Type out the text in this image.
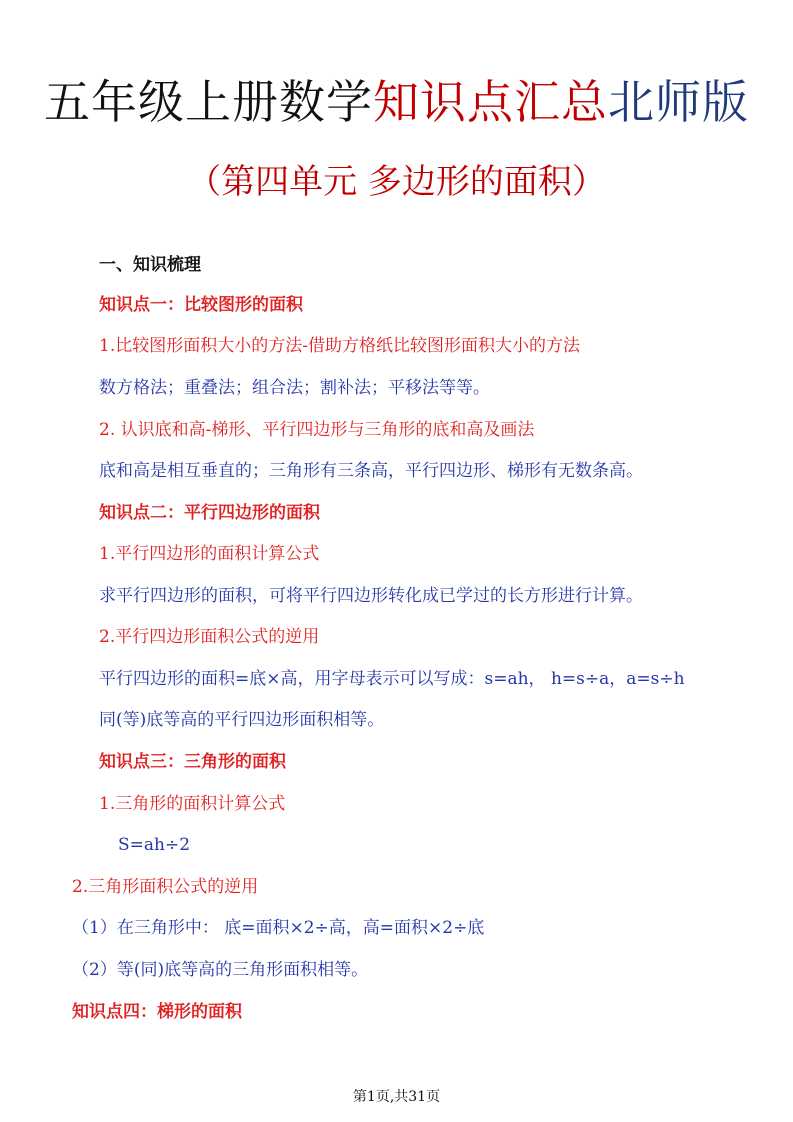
五年级上册数学知识点汇总北师版
（第四单元 多边形的面积）
一、知识梳理
知识点一：比较图形的面积
1.比较图形面积大小的方法-借助方格纸比较图形面积大小的方法
数方格法；重叠法；组合法；割补法；平移法等等。
2. 认识底和高-梯形、平行四边形与三角形的底和高及画法
底和高是相互垂直的；三角形有三条高，平行四边形、梯形有无数条高。
知识点二：平行四边形的面积
1.平行四边形的面积计算公式
求平行四边形的面积，可将平行四边形转化成已学过的长方形进行计算。
2.平行四边形面积公式的逆用
平行四边形的面积=底×高，用字母表示可以写成：s=ah， h=s÷a，a=s÷h
同(等)底等高的平行四边形面积相等。
知识点三：三角形的面积
1.三角形的面积计算公式
S=ah÷2
2.三角形面积公式的逆用
（1）在三角形中： 底=面积×2÷高，高=面积×2÷底
（2）等(同)底等高的三角形面积相等。
知识点四：梯形的面积
第1页,共31页
